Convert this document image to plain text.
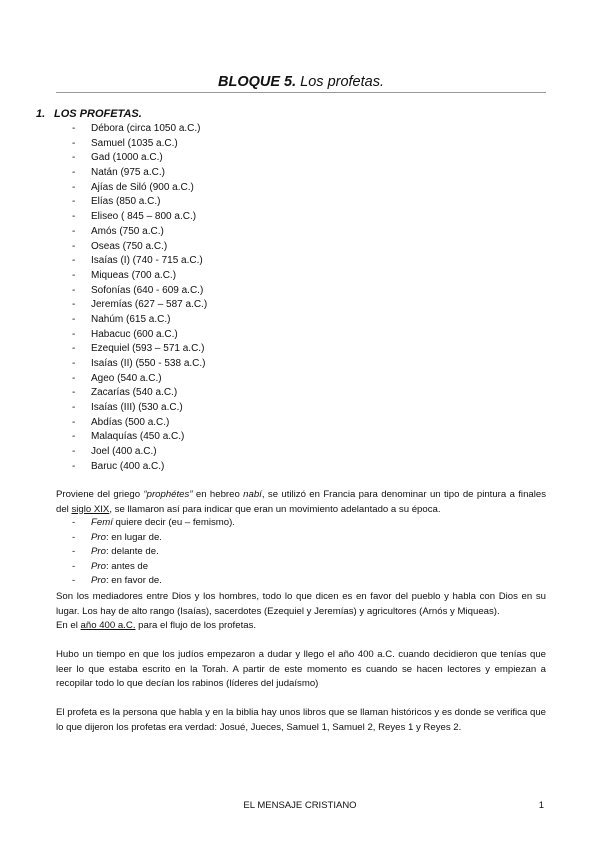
BLOQUE 5. Los profetas.
1. LOS PROFETAS.
- Débora (circa 1050 a.C.)
- Samuel (1035 a.C.)
- Gad (1000 a.C.)
- Natán (975 a.C.)
- Ajías de Siló (900 a.C.)
- Elías (850 a.C.)
- Eliseo ( 845 – 800 a.C.)
- Amós (750 a.C.)
- Oseas (750 a.C.)
- Isaías (I) (740 - 715 a.C.)
- Miqueas (700 a.C.)
- Sofonías (640 - 609 a.C.)
- Jeremías (627 – 587 a.C.)
- Nahúm (615 a.C.)
- Habacuc (600 a.C.)
- Ezequiel (593 – 571 a.C.)
- Isaías (II) (550 - 538 a.C.)
- Ageo (540 a.C.)
- Zacarías (540 a.C.)
- Isaías (III) (530 a.C.)
- Abdías (500 a.C.)
- Malaquías (450 a.C.)
- Joel (400 a.C.)
- Baruc (400 a.C.)

Proviene del griego “prophétes” en hebreo nabí, se utilizó en Francia para denominar un tipo de pintura a finales del siglo XIX, se llamaron así para indicar que eran un movimiento adelantado a su época.

- Femí quiere decir (eu – femismo).
- Pro: en lugar de.
- Pro: delante de.
- Pro: antes de
- Pro: en favor de.

Son los mediadores entre Dios y los hombres, todo lo que dicen es en favor del pueblo y habla con Dios en su lugar. Los hay de alto rango (Isaías), sacerdotes (Ezequiel y Jeremías) y agricultores (Arnós y Miqueas).

En el año 400 a.C. para el flujo de los profetas.

Hubo un tiempo en que los judíos empezaron a dudar y llego el año 400 a.C. cuando decidieron que tenías que leer lo que estaba escrito en la Torah. A partir de este momento es cuando se hacen lectores y empiezan a recopilar todo lo que decían los rabinos (líderes del judaísmo)

El profeta es la persona que habla y en la biblia hay unos libros que se llaman históricos y es donde se verifica que lo que dijeron los profetas era verdad: Josué, Jueces, Samuel 1, Samuel 2, Reyes 1 y Reyes 2.

EL MENSAJE CRISTIANO	1
